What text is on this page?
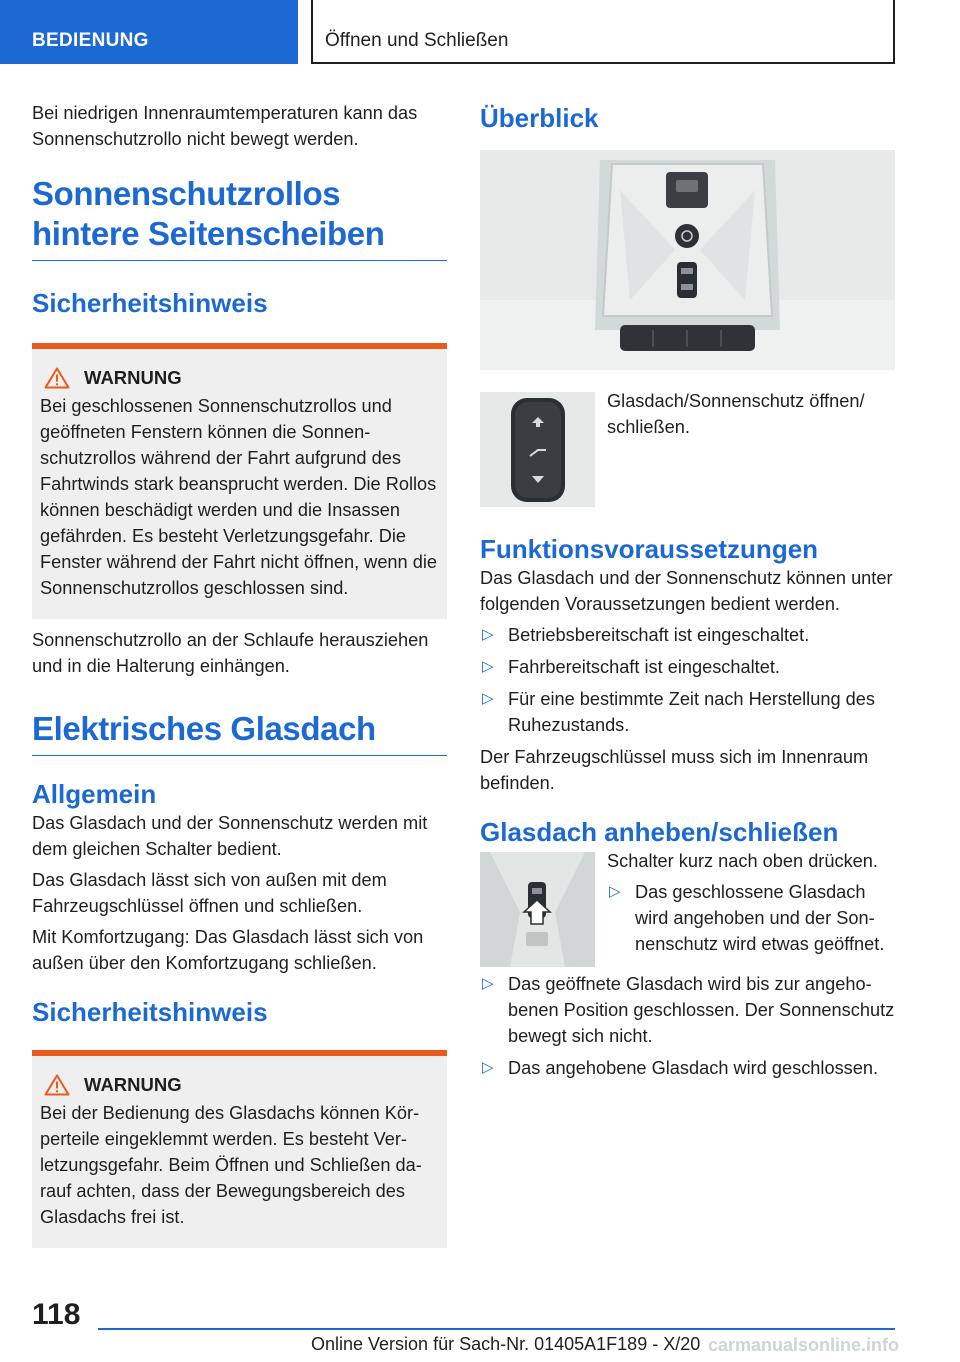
BEDIENUNG	Öffnen und Schließen

Bei niedrigen Innenraumtemperaturen kann das Sonnenschutzrollo nicht bewegt werden.

Sonnenschutzrollos hintere Seitenscheiben
Sicherheitshinweis
WARNUNG

Bei geschlossenen Sonnenschutzrollos und geöffneten Fenstern können die Sonnenschutzrollos während der Fahrt aufgrund des Fahrtwinds stark beansprucht werden. Die Rollos können beschädigt werden und die Insassen gefährden. Es besteht Verletzungsgefahr. Die Fenster während der Fahrt nicht öffnen, wenn die Sonnenschutzrollos geschlossen sind.

Sonnenschutzrollo an der Schlaufe herausziehen und in die Halterung einhängen.

Elektrisches Glasdach
Allgemein

Das Glasdach und der Sonnenschutz werden mit dem gleichen Schalter bedient.

Das Glasdach lässt sich von außen mit dem Fahrzeugschlüssel öffnen und schließen.

Mit Komfortzugang: Das Glasdach lässt sich von außen über den Komfortzugang schließen.

Sicherheitshinweis
WARNUNG

Bei der Bedienung des Glasdachs können Körperteile eingeklemmt werden. Es besteht Verletzungsgefahr. Beim Öffnen und Schließen darauf achten, dass der Bewegungsbereich des Glasdachs frei ist.

Überblick

Glasdach/Sonnenschutz öffnen/ schließen.

Funktionsvoraussetzungen

Das Glasdach und der Sonnenschutz können unter folgenden Voraussetzungen bedient werden.

▷ Betriebsbereitschaft ist eingeschaltet.
▷ Fahrbereitschaft ist eingeschaltet.
▷ Für eine bestimmte Zeit nach Herstellung des Ruhezustands.

Der Fahrzeugschlüssel muss sich im Innenraum befinden.

Glasdach anheben/schließen

Schalter kurz nach oben drücken.

▷ Das geschlossene Glasdach wird angehoben und der Sonnenschutz wird etwas geöffnet.
▷ Das geöffnete Glasdach wird bis zur angehobenen Position geschlossen. Der Sonnenschutz bewegt sich nicht.
▷ Das angehobene Glasdach wird geschlossen.
118
Online Version für Sach-Nr. 01405A1F189 - X/20 carmanualsonline.info
